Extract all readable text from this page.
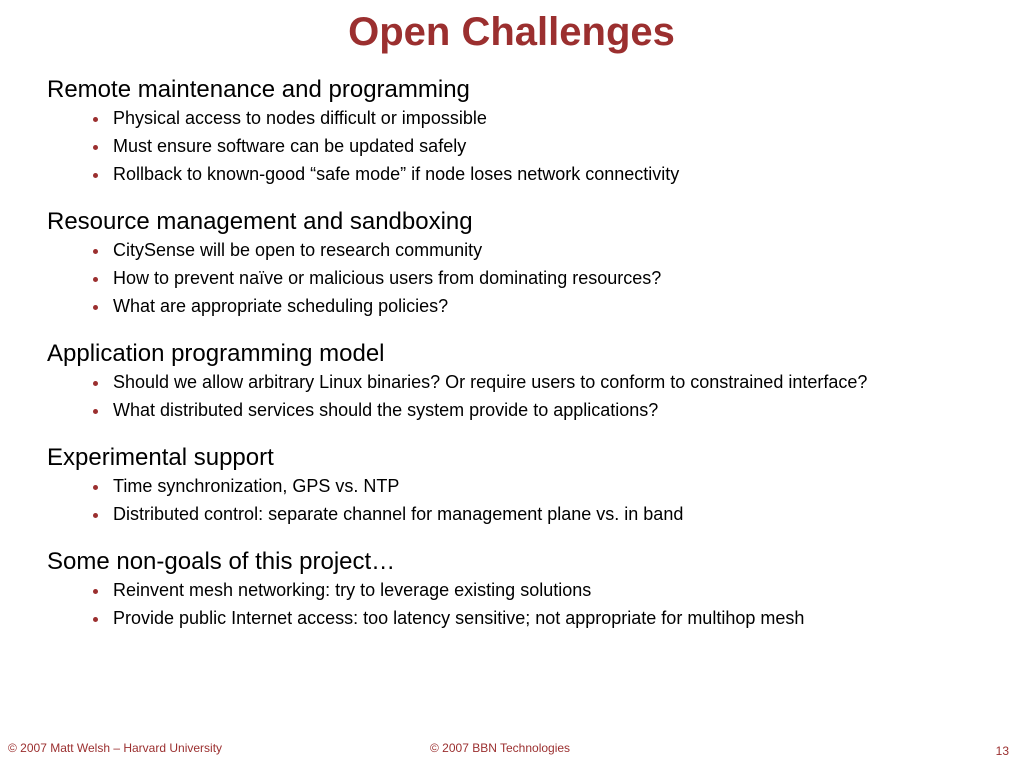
Open Challenges

Remote maintenance and programming

Physical access to nodes difficult or impossible
Must ensure software can be updated safely
Rollback to known-good “safe mode” if node loses network connectivity

Resource management and sandboxing

CitySense will be open to research community
How to prevent naïve or malicious users from dominating resources?
What are appropriate scheduling policies?

Application programming model

Should we allow arbitrary Linux binaries? Or require users to conform to constrained interface?
What distributed services should the system provide to applications?

Experimental support

Time synchronization, GPS vs. NTP
Distributed control: separate channel for management plane vs. in band

Some non-goals of this project…

Reinvent mesh networking: try to leverage existing solutions
Provide public Internet access: too latency sensitive; not appropriate for multihop mesh
© 2007 Matt Welsh – Harvard University	© 2007 BBN Technologies	13
